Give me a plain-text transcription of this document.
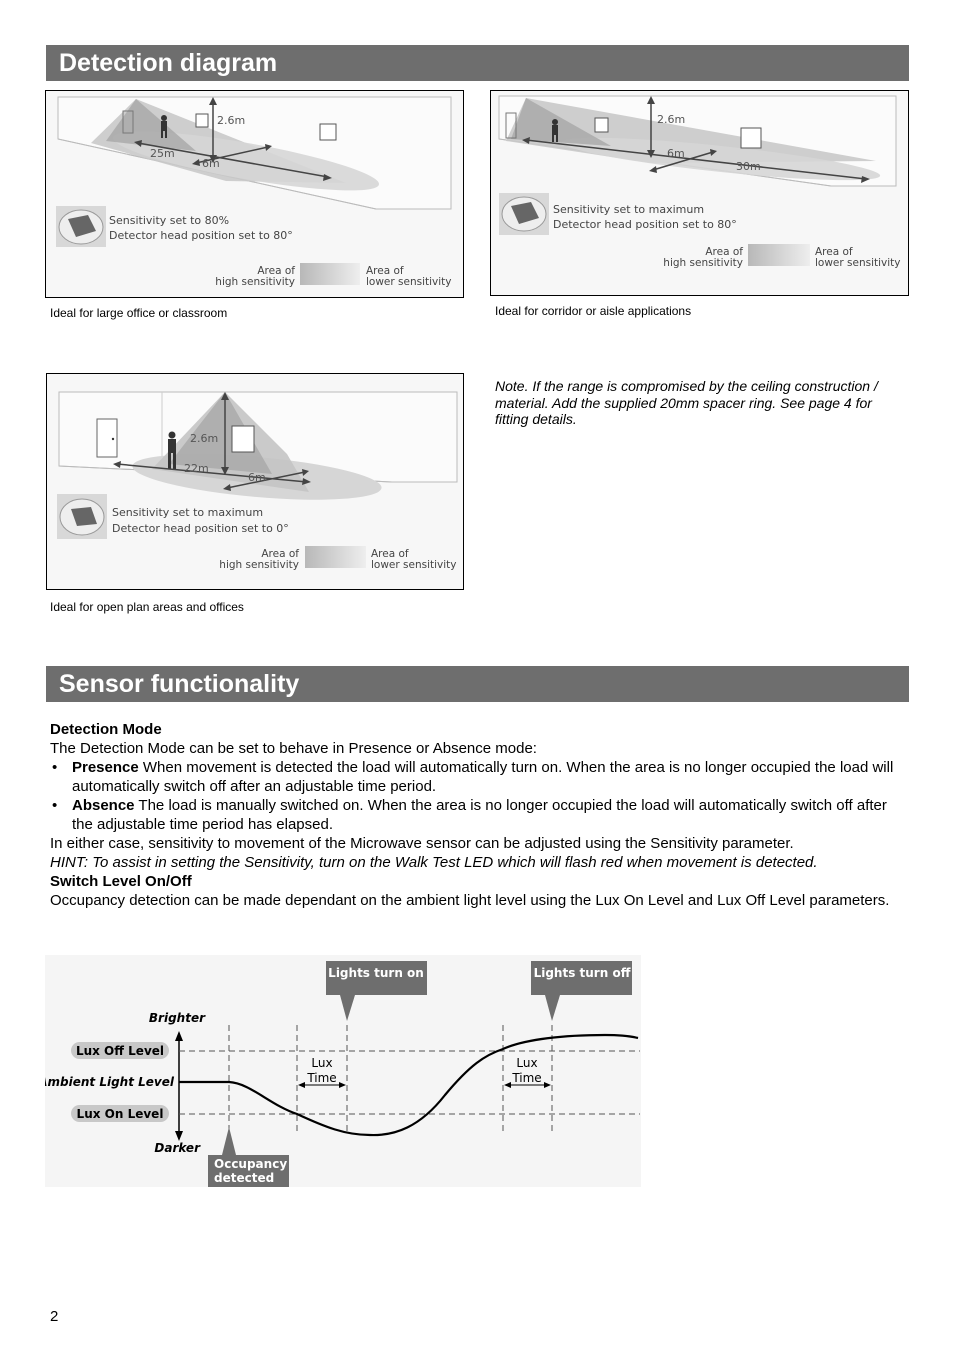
Detection diagram
2.6m
25m
6m
Sensitivity set to 80%
Detector head position set to 80°
Area of
high sensitivity
Area of
lower sensitivity
Ideal for large office or classroom
2.6m
30m
6m
Sensitivity set to maximum
Detector head position set to 80°
Area of
high sensitivity
Area of
lower sensitivity
Ideal for corridor or aisle applications
2.6m
22m
6m
Sensitivity set to maximum
Detector head position set to 0°
Area of
high sensitivity
Area of
lower sensitivity
Ideal for open plan areas and offices
Note. If the range is compromised by the ceiling construction / material. Add the supplied 20mm spacer ring. See page 4 for fitting details.
Sensor functionality
Detection Mode
The Detection Mode can be set to behave in Presence or Absence mode:
• Presence When movement is detected the load will automatically turn on. When the area is no longer occupied the load will automatically switch off after an adjustable time period.
• Absence The load is manually switched on. When the area is no longer occupied the load will automatically switch off after the adjustable time period has elapsed.
In either case, sensitivity to movement of the Microwave sensor can be adjusted using the Sensitivity parameter.
HINT: To assist in setting the Sensitivity, turn on the Walk Test LED which will flash red when movement is detected.
Switch Level On/Off
Occupancy detection can be made dependant on the ambient light level using the Lux On Level and Lux Off Level parameters.
Lights turn on	Lights turn off
Brighter
Darker
Lux Off Level
Ambient Light Level
Lux On Level
Lux
Time
Lux
Time
Occupancy
detected
2
